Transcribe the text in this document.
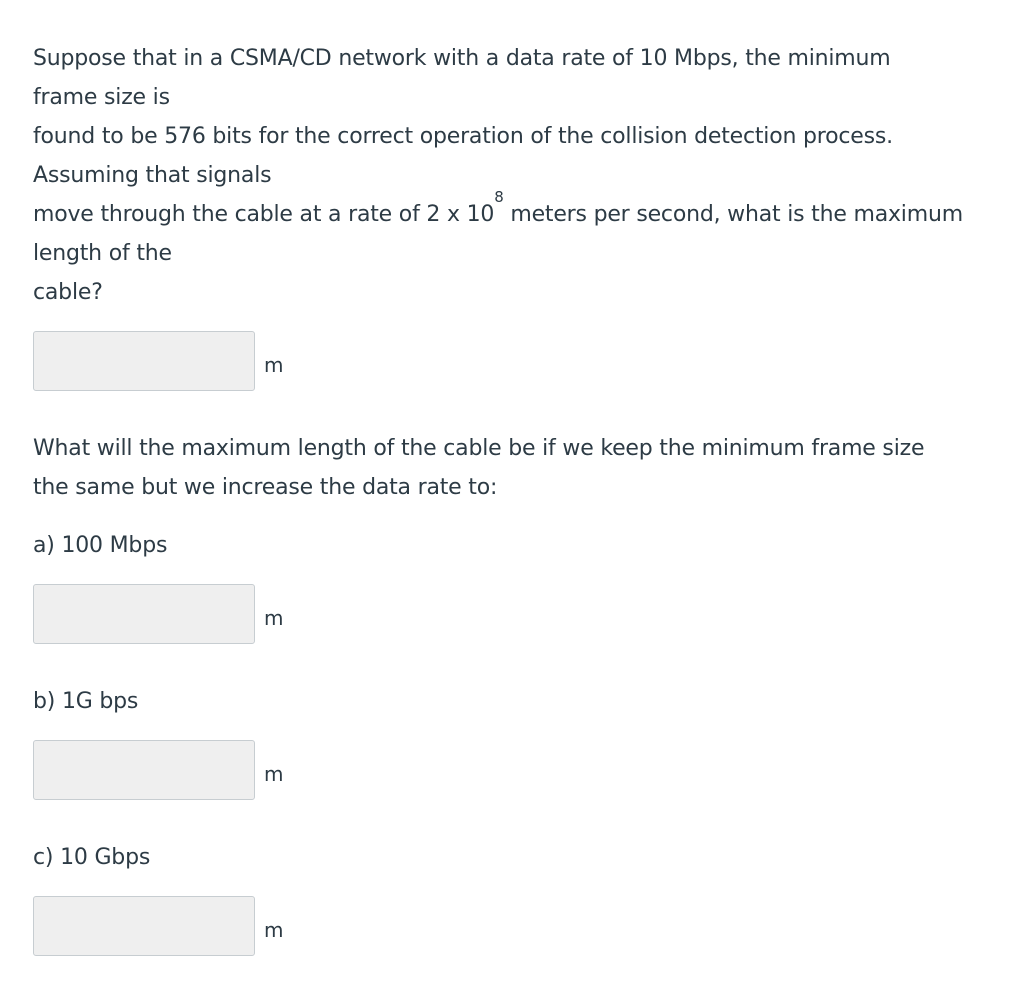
Suppose that in a CSMA/CD network with a data rate of 10 Mbps, the minimum
frame size is
found to be 576 bits for the correct operation of the collision detection process.
Assuming that signals
move through the cable at a rate of 2 x $10^8$ meters per second, what is the maximum
length of the
cable?
m
What will the maximum length of the cable be if we keep the minimum frame size
the same but we increase the data rate to:
a) 100 Mbps
m
b) 1G bps
m
c) 10 Gbps
m
